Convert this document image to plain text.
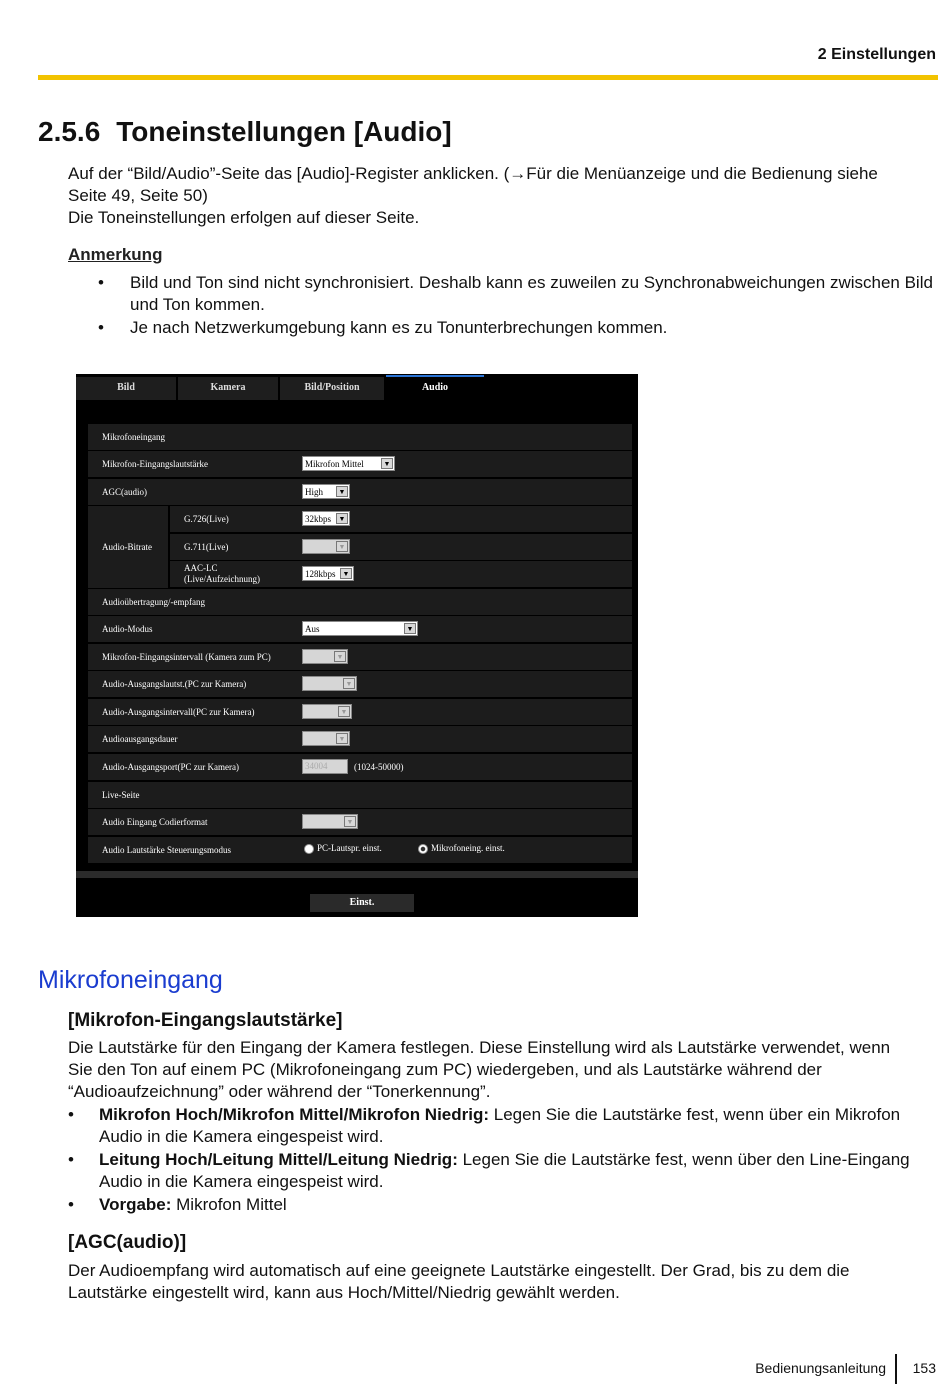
2 Einstellungen
2.5.6 Toneinstellungen [Audio]
Auf der “Bild/Audio”-Seite das [Audio]-Register anklicken. (→Für die Menüanzeige und die Bedienung siehe
Seite 49, Seite 50)
Die Toneinstellungen erfolgen auf dieser Seite.
Anmerkung
• Bild und Ton sind nicht synchronisiert. Deshalb kann es zuweilen zu Synchronabweichungen zwischen Bild und Ton kommen.
• Je nach Netzwerkumgebung kann es zu Tonunterbrechungen kommen.
Bild	Kamera	Bild/Position	Audio
Mikrofoneingang
Mikrofon-Eingangslautstärke	Mikrofon Mittel	▼
AGC(audio)	High	▼
Audio-Bitrate
G.726(Live)	32kbps	▼
G.711(Live)	▼
AAC-LC
(Live/Aufzeichnung)	128kbps	▼
Audioübertragung/-empfang
Audio-Modus	Aus	▼
Mikrofon-Eingangsintervall (Kamera zum PC)	▼
Audio-Ausgangslautst.(PC zur Kamera)	▼
Audio-Ausgangsintervall(PC zur Kamera)	▼
Audioausgangsdauer	▼
Audio-Ausgangsport(PC zur Kamera)	34004	(1024-50000)
Live-Seite
Audio Eingang Codierformat	▼
Audio Lautstärke Steuerungsmodus	PC-Lautspr. einst.	Mikrofoneing. einst.
Einst.
Mikrofoneingang
[Mikrofon-Eingangslautstärke]
Die Lautstärke für den Eingang der Kamera festlegen. Diese Einstellung wird als Lautstärke verwendet, wenn
Sie den Ton auf einem PC (Mikrofoneingang zum PC) wiedergeben, und als Lautstärke während der
“Audioaufzeichnung” oder während der “Tonerkennung”.
• Mikrofon Hoch/Mikrofon Mittel/Mikrofon Niedrig: Legen Sie die Lautstärke fest, wenn über ein Mikrofon Audio in die Kamera eingespeist wird.
• Leitung Hoch/Leitung Mittel/Leitung Niedrig: Legen Sie die Lautstärke fest, wenn über den Line-Eingang Audio in die Kamera eingespeist wird.
• Vorgabe: Mikrofon Mittel
[AGC(audio)]
Der Audioempfang wird automatisch auf eine geeignete Lautstärke eingestellt. Der Grad, bis zu dem die
Lautstärke eingestellt wird, kann aus Hoch/Mittel/Niedrig gewählt werden.
Bedienungsanleitung 153
